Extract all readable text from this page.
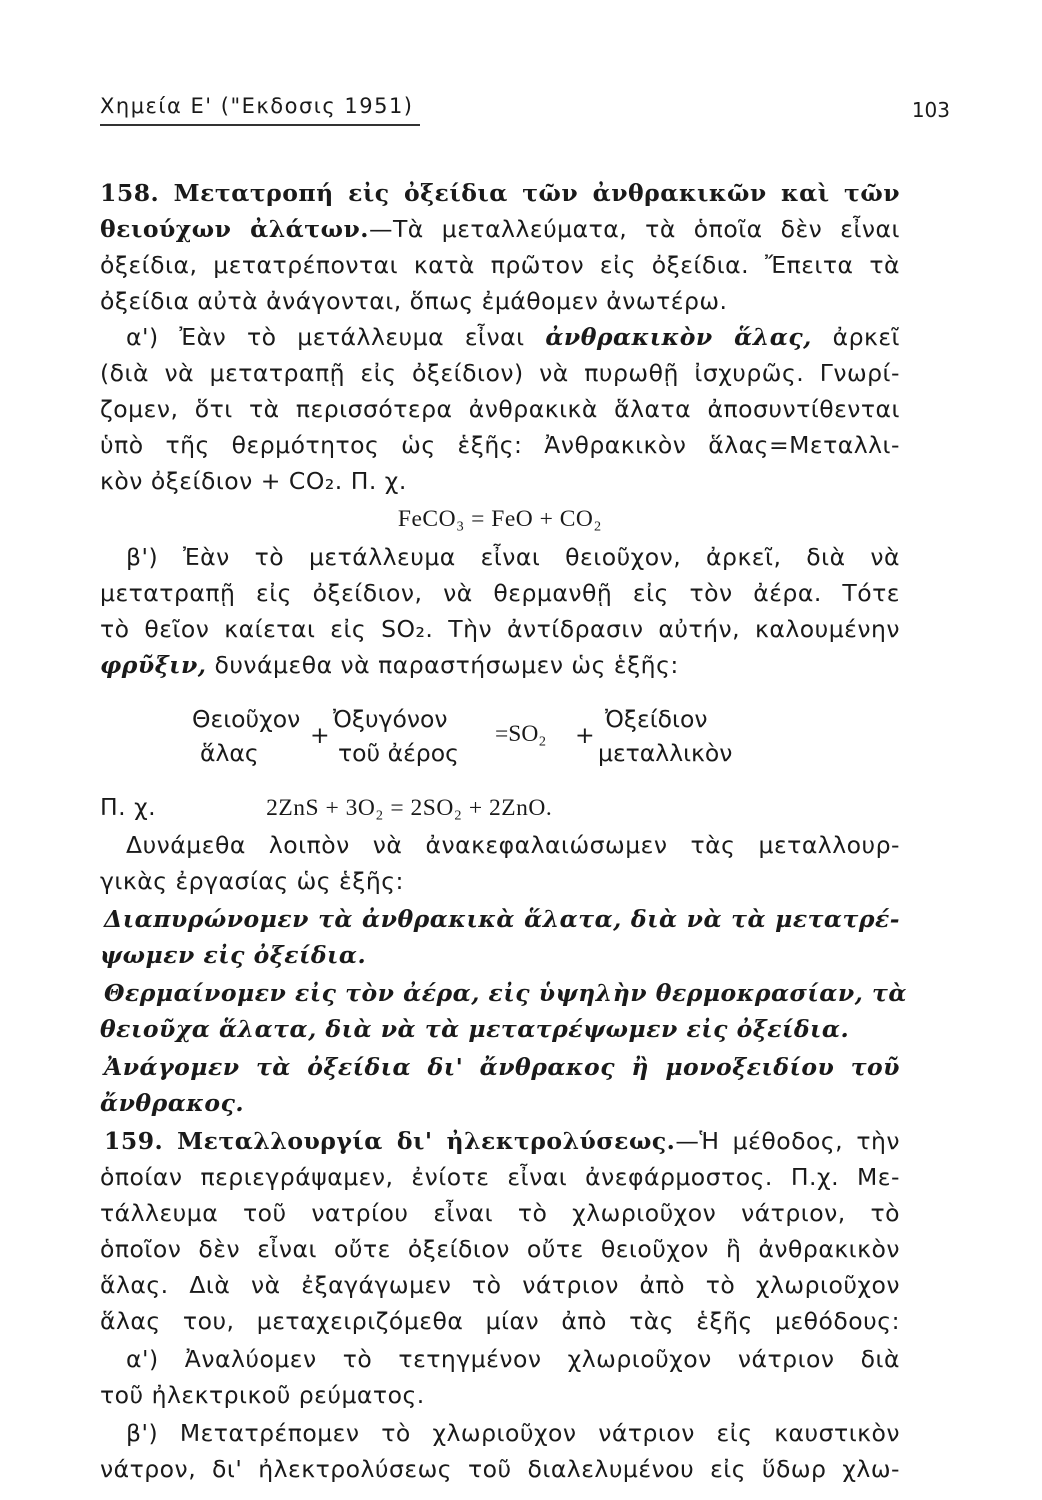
Χημεία Ε' ("Εκδοσις 1951)	103
158. Μετατροπή εἰς ὀξείδια τῶν ἀνθρακικῶν καὶ τῶν
θειούχων ἀλάτων.—Τὰ μεταλλεύματα, τὰ ὁποῖα δὲν εἶναι
ὀξείδια, μετατρέπονται κατὰ πρῶτον εἰς ὀξείδια. Ἔπειτα τὰ
ὀξείδια αὐτὰ ἀνάγονται, ὅπως ἐμάθομεν ἀνωτέρω.
α') Ἐὰν τὸ μετάλλευμα εἶναι ἀνθρακικὸν ἅλας, ἀρκεῖ
(διὰ νὰ μετατραπῇ εἰς ὀξείδιον) νὰ πυρωθῇ ἰσχυρῶς. Γνωρί-
ζομεν, ὅτι τὰ περισσότερα ἀνθρακικὰ ἅλατα ἀποσυντίθενται
ὑπὸ τῆς θερμότητος ὡς ἑξῆς: Ἀνθρακικὸν ἅλας=Μεταλλι-
κὸν ὀξείδιον + CO₂. Π. χ.
FeCO₃ = FeO + CO₂
β') Ἐὰν τὸ μετάλλευμα εἶναι θειοῦχον, ἀρκεῖ, διὰ νὰ
μετατραπῇ εἰς ὀξείδιον, νὰ θερμανθῇ εἰς τὸν ἀέρα. Τότε
τὸ θεῖον καίεται εἰς SO₂. Τὴν ἀντίδρασιν αὐτήν, καλουμένην
φρῦξιν, δυνάμεθα νὰ παραστήσωμεν ὡς ἑξῆς:
Θειοῦχον
ἅλας
+
Ὀξυγόνον
τοῦ ἀέρος
=SO₂ +
Ὀξείδιον
μεταλλικὸν
Π. χ.	2ZnS + 3O₂ = 2SO₂ + 2ZnO.
Δυνάμεθα λοιπὸν νὰ ἀνακεφαλαιώσωμεν τὰς μεταλλουρ-
γικὰς ἐργασίας ὡς ἑξῆς:
Διαπυρώνομεν τὰ ἀνθρακικὰ ἅλατα, διὰ νὰ τὰ μετατρέ-
ψωμεν εἰς ὀξείδια.
Θερμαίνομεν εἰς τὸν ἀέρα, εἰς ὑψηλὴν θερμοκρασίαν, τὰ
θειοῦχα ἅλατα, διὰ νὰ τὰ μετατρέψωμεν εἰς ὀξείδια.
Ἀνάγομεν τὰ ὀξείδια δι' ἄνθρακος ἢ μονοξειδίου τοῦ
ἄνθρακος.
159. Μεταλλουργία δι' ἠλεκτρολύσεως.—Ἡ μέθοδος, τὴν
ὁποίαν περιεγράψαμεν, ἐνίοτε εἶναι ἀνεφάρμοστος. Π.χ. Με-
τάλλευμα τοῦ νατρίου εἶναι τὸ χλωριοῦχον νάτριον, τὸ
ὁποῖον δὲν εἶναι οὔτε ὀξείδιον οὔτε θειοῦχον ἢ ἀνθρακικὸν
ἅλας. Διὰ νὰ ἐξαγάγωμεν τὸ νάτριον ἀπὸ τὸ χλωριοῦχον
ἅλας του, μεταχειριζόμεθα μίαν ἀπὸ τὰς ἑξῆς μεθόδους:
α') Ἀναλύομεν τὸ τετηγμένον χλωριοῦχον νάτριον διὰ
τοῦ ἠλεκτρικοῦ ρεύματος.
β') Μετατρέπομεν τὸ χλωριοῦχον νάτριον εἰς καυστικὸν
νάτρον, δι' ἠλεκτρολύσεως τοῦ διαλελυμένου εἰς ὕδωρ χλω-
